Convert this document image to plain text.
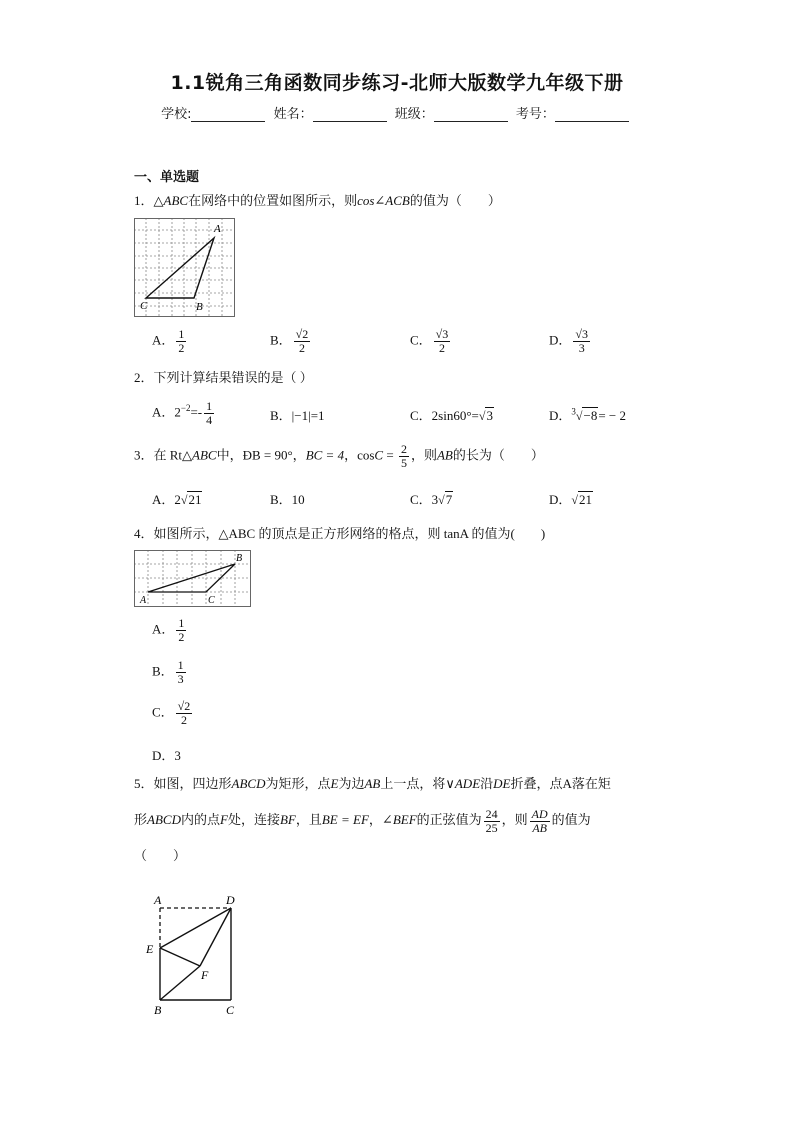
1.1锐角三角函数同步练习-北师大版数学九年级下册
学校:	姓名：	班级：	考号：
一、单选题
1．△ABC在网络中的位置如图所示，则cos∠ACB的值为（　　）
A
B
C
A． $\frac{1}{2}$	B． $\frac{√2}{2}$	C． $\frac{√3}{2}$	D． $\frac{√3}{3}$
2．下列计算结果错误的是（ ）
A．$2^{-2}=- \frac{1}{4}$	B．|−1|=1	C．2sin60°=√3	D．$^3$√−8= − 2
3．在 Rt△ABC中，ÐB = 90°，BC = 4，$\cos C = \frac{2}{5}$ ，则AB的长为（　　）
A．2√21	B．10	C．3√7	D．√21
4．如图所示，△ABC 的顶点是正方形网络的格点，则 tanA 的值为(　　)
A
B
C
A． $\frac{1}{2}$
B． $\frac{1}{3}$
C． $\frac{√2}{2}$
D．3
5．如图，四边形ABCD为矩形，点E为边AB上一点，将∨ADE沿DE折叠，点A落在矩
形ABCD内的点F处，连接BF，且BE = EF，∠BEF的正弦值为 $\frac{24}{25}$ ，则 $\frac{AD}{AB}$ 的值为
（　　）
A	D
E
F
B	C
